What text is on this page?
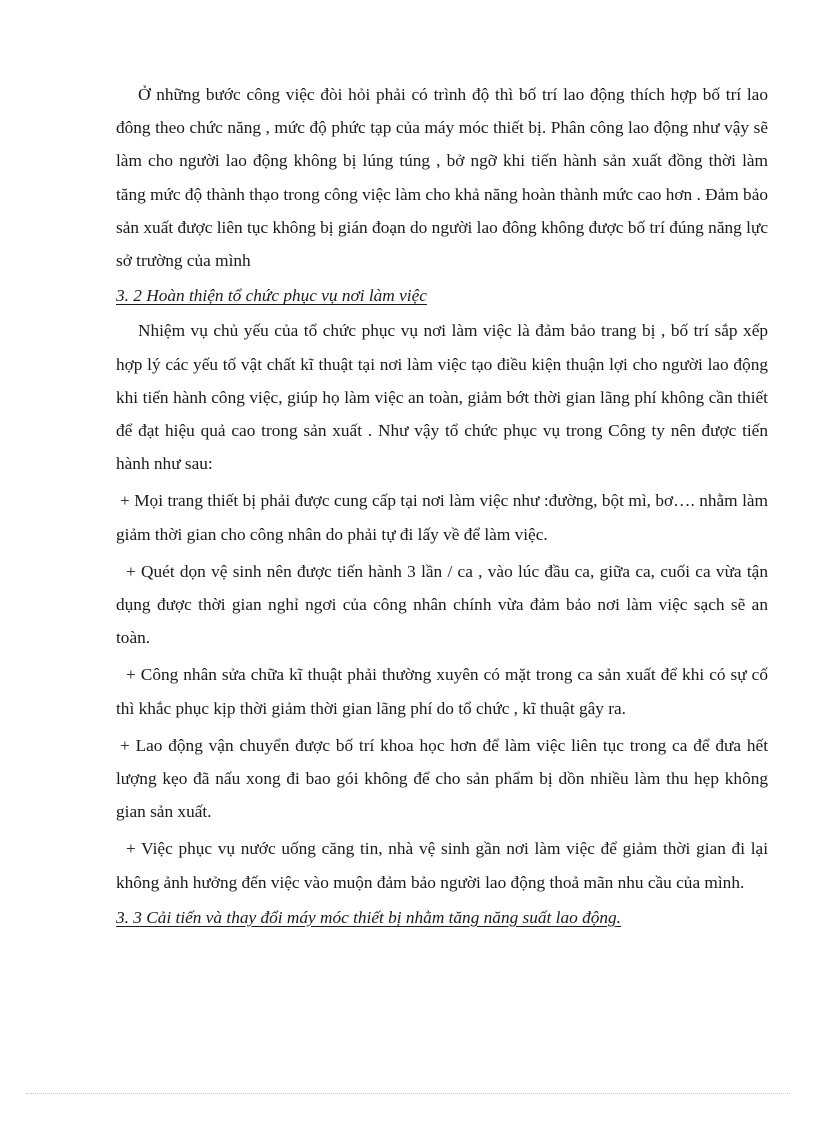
Ở những bước công việc đòi hỏi phải có trình độ thì bố trí lao động thích hợp bố trí lao đông theo chức năng , mức độ phức tạp của máy móc thiết bị. Phân công lao động như vậy sẽ làm cho người lao động không bị lúng túng , bở ngỡ khi tiến hành sản xuất đồng thời làm tăng mức độ thành thạo trong công việc làm cho khả năng hoàn thành mức cao hơn . Đảm bảo sản xuất được liên tục không bị gián đoạn do người lao đông không được bố trí đúng năng lực sở trường của mình

3. 2 Hoàn thiện tổ chức phục vụ nơi làm việc

Nhiệm vụ chủ yếu của tổ chức phục vụ nơi làm việc là đảm bảo trang bị , bố trí sắp xếp hợp lý các yếu tố vật chất kĩ thuật tại nơi làm việc tạo điều kiện thuận lợi cho người lao động khi tiến hành công việc, giúp họ làm việc an toàn, giảm bớt thời gian lãng phí không cần thiết để đạt hiệu quả cao trong sản xuất . Như vậy tổ chức phục vụ trong Công ty nên được tiến hành như sau:

+ Mọi trang thiết bị phải được cung cấp tại nơi làm việc như :đường, bột mì, bơ…. nhằm làm giảm thời gian cho công nhân do phải tự đi lấy về để làm việc.

+ Quét dọn vệ sinh nên được tiến hành 3 lần / ca , vào lúc đầu ca, giữa ca, cuối ca vừa tận dụng được thời gian nghỉ ngơi của công nhân chính vừa đảm bảo nơi làm việc sạch sẽ an toàn.

+ Công nhân sửa chữa kĩ thuật phải thường xuyên có mặt trong ca sản xuất để khi có sự cố thì khắc phục kịp thời giảm thời gian lãng phí do tổ chức , kĩ thuật gây ra.

+ Lao động vận chuyển được bố trí khoa học hơn để làm việc liên tục trong ca để đưa hết lượng kẹo đã nấu xong đi bao gói không để cho sản phẩm bị dồn nhiều làm thu hẹp không gian sản xuất.

+ Việc phục vụ nước uống căng tin, nhà vệ sinh gần nơi làm việc để giảm thời gian đi lại không ảnh hưởng đến việc vào muộn đảm bảo người lao động thoả mãn nhu cầu của mình.

3. 3 Cải tiến và thay đổi máy móc thiết bị nhằm tăng năng suất lao động.
